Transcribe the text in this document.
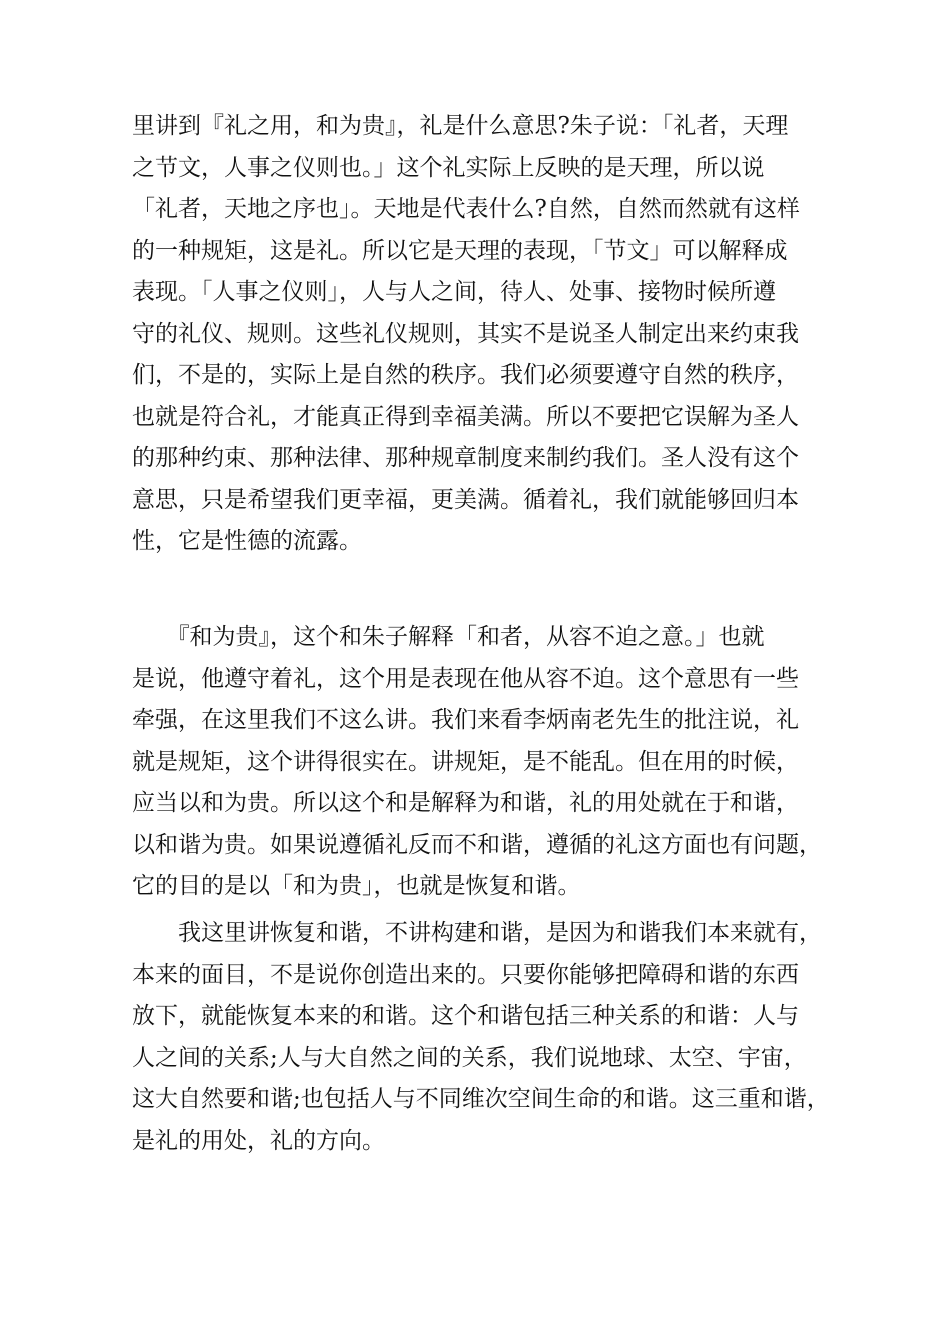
里讲到『礼之用，和为贵』，礼是什么意思?朱子说：「礼者，天理
之节文，人事之仪则也。」这个礼实际上反映的是天理，所以说
「礼者，天地之序也」。天地是代表什么?自然，自然而然就有这样
的一种规矩，这是礼。所以它是天理的表现，「节文」可以解释成
表现。「人事之仪则」，人与人之间，待人、处事、接物时候所遵
守的礼仪、规则。这些礼仪规则，其实不是说圣人制定出来约束我
们，不是的，实际上是自然的秩序。我们必须要遵守自然的秩序，
也就是符合礼，才能真正得到幸福美满。所以不要把它误解为圣人
的那种约束、那种法律、那种规章制度来制约我们。圣人没有这个
意思，只是希望我们更幸福，更美满。循着礼，我们就能够回归本
性，它是性德的流露。
　　『和为贵』，这个和朱子解释「和者，从容不迫之意。」也就
是说，他遵守着礼，这个用是表现在他从容不迫。这个意思有一些
牵强，在这里我们不这么讲。我们来看李炳南老先生的批注说，礼
就是规矩，这个讲得很实在。讲规矩，是不能乱。但在用的时候，
应当以和为贵。所以这个和是解释为和谐，礼的用处就在于和谐，
以和谐为贵。如果说遵循礼反而不和谐，遵循的礼这方面也有问题，
它的目的是以「和为贵」，也就是恢复和谐。
　　我这里讲恢复和谐，不讲构建和谐，是因为和谐我们本来就有，
本来的面目，不是说你创造出来的。只要你能够把障碍和谐的东西
放下，就能恢复本来的和谐。这个和谐包括三种关系的和谐：人与
人之间的关系;人与大自然之间的关系，我们说地球、太空、宇宙，
这大自然要和谐;也包括人与不同维次空间生命的和谐。这三重和谐，
是礼的用处，礼的方向。
